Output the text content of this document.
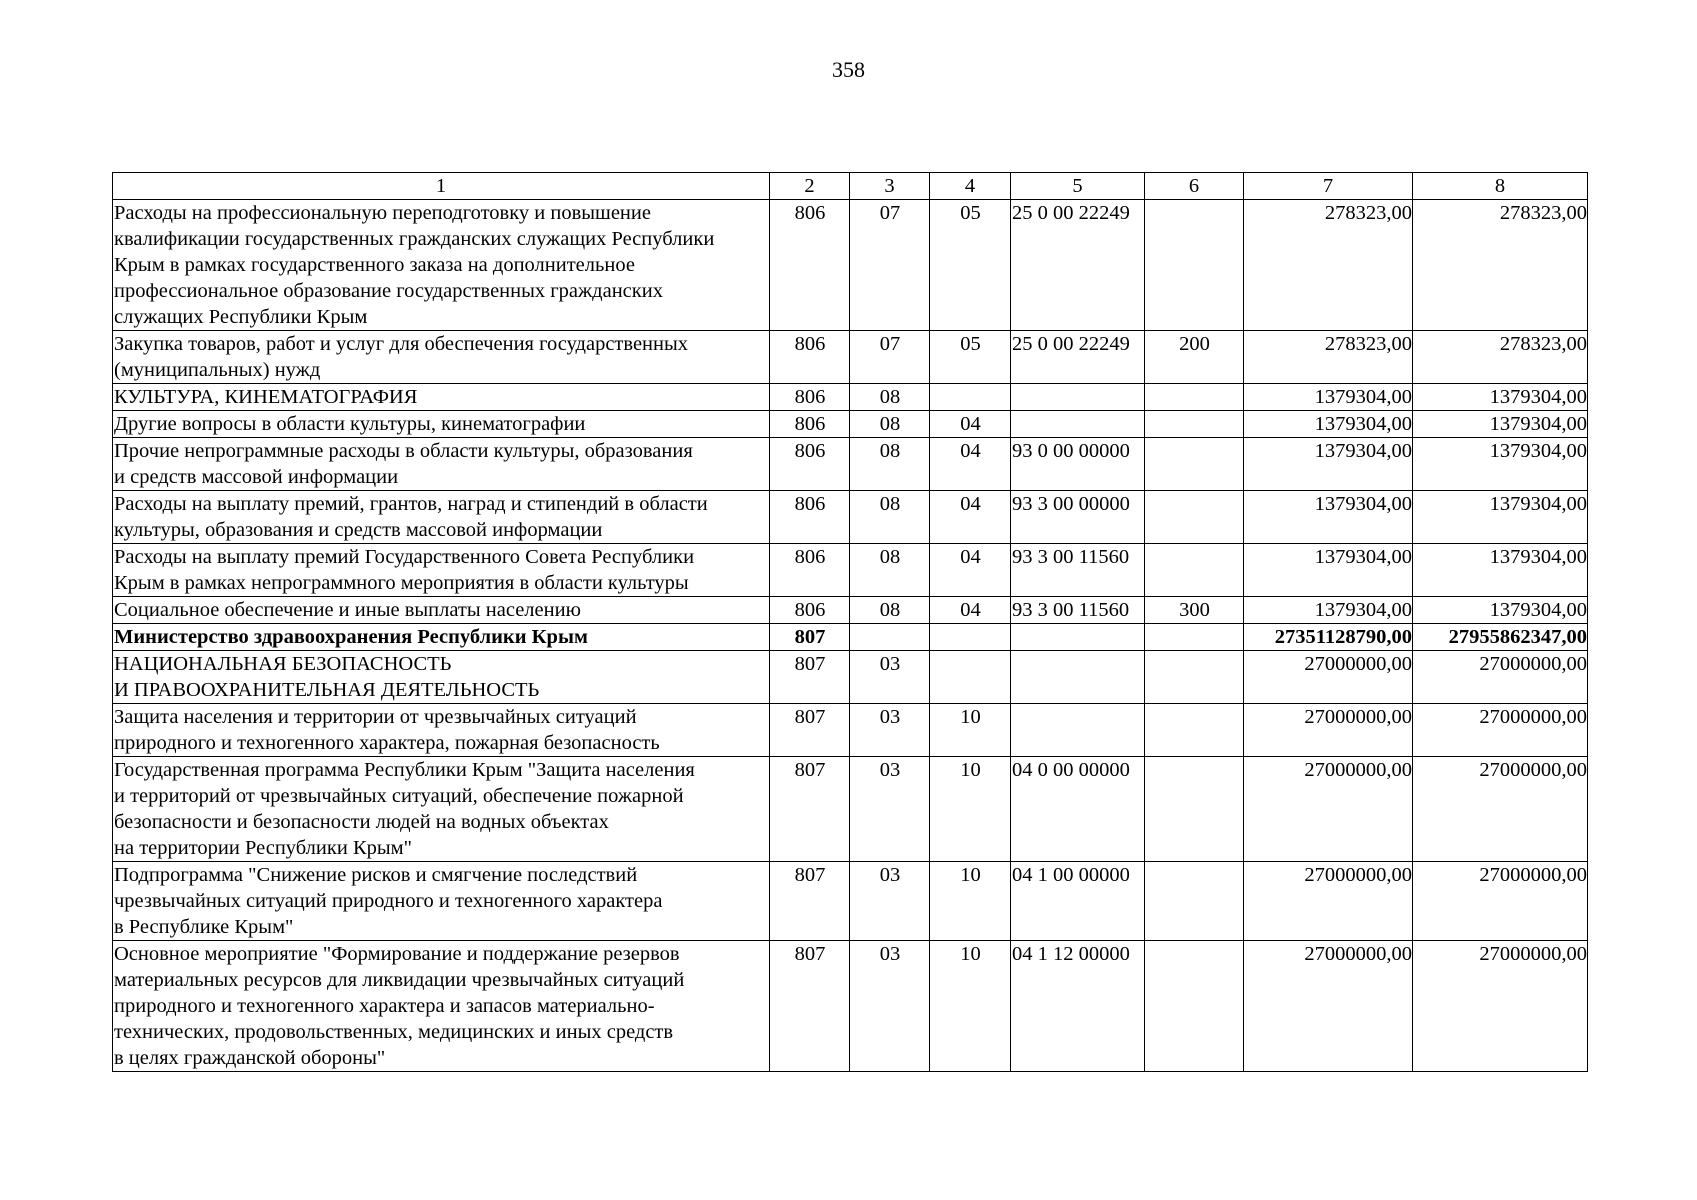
358
1	2	3	4	5	6	7	8
Расходы на профессиональную переподготовку и повышение
квалификации государственных гражданских служащих Республики
Крым в рамках государственного заказа на дополнительное
профессиональное образование государственных гражданских
служащих Республики Крым	806	07	05	25 0 00 22249		278323,00	278323,00
Закупка товаров, работ и услуг для обеспечения государственных
(муниципальных) нужд	806	07	05	25 0 00 22249	200	278323,00	278323,00
КУЛЬТУРА, КИНЕМАТОГРАФИЯ	806	08				1379304,00	1379304,00
Другие вопросы в области культуры, кинематографии	806	08	04			1379304,00	1379304,00
Прочие непрограммные расходы в области культуры, образования
и средств массовой информации	806	08	04	93 0 00 00000		1379304,00	1379304,00
Расходы на выплату премий, грантов, наград и стипендий в области
культуры, образования и средств массовой информации	806	08	04	93 3 00 00000		1379304,00	1379304,00
Расходы на выплату премий Государственного Совета Республики
Крым в рамках непрограммного мероприятия в области культуры	806	08	04	93 3 00 11560		1379304,00	1379304,00
Социальное обеспечение и иные выплаты населению	806	08	04	93 3 00 11560	300	1379304,00	1379304,00
Министерство здравоохранения Республики Крым	807					27351128790,00	27955862347,00
НАЦИОНАЛЬНАЯ БЕЗОПАСНОСТЬ
И ПРАВООХРАНИТЕЛЬНАЯ ДЕЯТЕЛЬНОСТЬ	807	03				27000000,00	27000000,00
Защита населения и территории от чрезвычайных ситуаций
природного и техногенного характера, пожарная безопасность	807	03	10			27000000,00	27000000,00
Государственная программа Республики Крым "Защита населения
и территорий от чрезвычайных ситуаций, обеспечение пожарной
безопасности и безопасности людей на водных объектах
на территории Республики Крым"	807	03	10	04 0 00 00000		27000000,00	27000000,00
Подпрограмма "Снижение рисков и смягчение последствий
чрезвычайных ситуаций природного и техногенного характера
в Республике Крым"	807	03	10	04 1 00 00000		27000000,00	27000000,00
Основное мероприятие "Формирование и поддержание резервов
материальных ресурсов для ликвидации чрезвычайных ситуаций
природного и техногенного характера и запасов материально-
технических, продовольственных, медицинских и иных средств
в целях гражданской обороны"	807	03	10	04 1 12 00000		27000000,00	27000000,00
